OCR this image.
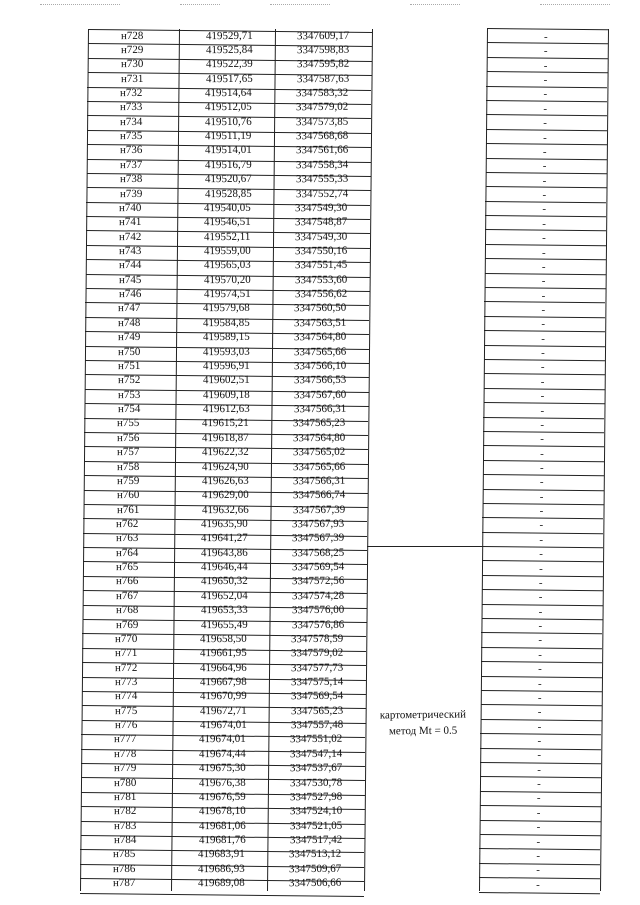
н728	419529,71	3347609,17	-
н729	419525,84	3347598,83	-
н730	419522,39	3347595,82	-
н731	419517,65	3347587,63	-
н732	419514,64	3347583,32	-
н733	419512,05	3347579,02	-
н734	419510,76	3347573,85	-
н735	419511,19	3347568,68	-
н736	419514,01	3347561,66	-
н737	419516,79	3347558,34	-
н738	419520,67	3347555,33	-
н739	419528,85	3347552,74	-
н740	419540,05	3347549,30	-
н741	419546,51	3347548,87	-
н742	419552,11	3347549,30	-
н743	419559,00	3347550,16	-
н744	419565,03	3347551,45	-
н745	419570,20	3347553,60	-
н746	419574,51	3347556,62	-
н747	419579,68	3347560,50	-
н748	419584,85	3347563,51	-
н749	419589,15	3347564,80	-
н750	419593,03	3347565,66	-
н751	419596,91	3347566,10	-
н752	419602,51	3347566,53	-
н753	419609,18	3347567,60	-
н754	419612,63	3347566,31	-
н755	419615,21	3347565,23	-
н756	419618,87	3347564,80	-
н757	419622,32	3347565,02	-
н758	419624,90	3347565,66	-
н759	419626,63	3347566,31	-
н760	419629,00	3347566,74	-
н761	419632,66	3347567,39	-
н762	419635,90	3347567,93	-
н763	419641,27	3347567,39	-
н764	419643,86	3347568,25	-
н765	419646,44	3347569,54	-
н766	419650,32	3347572,56	-
н767	419652,04	3347574,28	-
н768	419653,33	3347576,00	-
н769	419655,49	3347576,86	-
н770	419658,50	3347578,59	-
н771	419661,95	3347579,02	-
н772	419664,96	3347577,73	-
н773	419667,98	3347575,14	-
н774	419670,99	3347569,54	-
н775	419672,71	3347565,23	-
н776	419674,01	3347557,48	-
н777	419674,01	3347551,02	-
н778	419674,44	3347547,14	-
н779	419675,30	3347537,67	-
н780	419676,38	3347530,78	-
н781	419676,59	3347527,98	-
н782	419678,10	3347524,10	-
н783	419681,06	3347521,05	-
н784	419681,76	3347517,42	-
н785	419683,91	3347513,12	-
н786	419686,93	3347509,67	-
н787	419689,08	3347506,66	-
картометрический
метод Mt = 0.5
